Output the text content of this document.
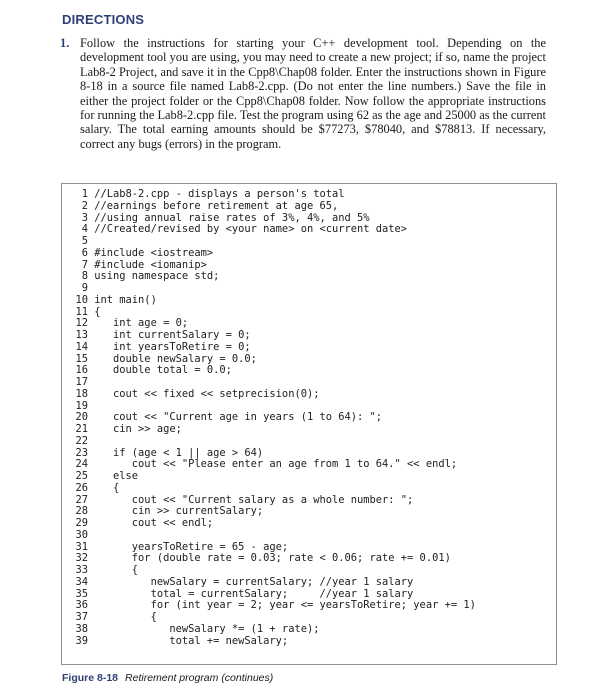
DIRECTIONS
1. Follow the instructions for starting your C++ development tool. Depending on the development tool you are using, you may need to create a new project; if so, name the project Lab8-2 Project, and save it in the Cpp8\Chap08 folder. Enter the instructions shown in Figure 8-18 in a source file named Lab8-2.cpp. (Do not enter the line numbers.) Save the file in either the project folder or the Cpp8\Chap08 folder. Now follow the appropriate instructions for running the Lab8-2.cpp file. Test the program using 62 as the age and 25000 as the current salary. The total earning amounts should be $77273, $78040, and $78813. If necessary, correct any bugs (errors) in the program.
1 //Lab8-2.cpp - displays a person's total
2 //earnings before retirement at age 65,
3 //using annual raise rates of 3%, 4%, and 5%
4 //Created/revised by <your name> on <current date>
5
6 #include <iostream>
7 #include <iomanip>
8 using namespace std;
9
10 int main()
11 {
12    int age = 0;
13    int currentSalary = 0;
14    int yearsToRetire = 0;
15    double newSalary = 0.0;
16    double total = 0.0;
17
18    cout << fixed << setprecision(0);
19
20    cout << "Current age in years (1 to 64): ";
21    cin >> age;
22
23    if (age < 1 || age > 64)
24       cout << "Please enter an age from 1 to 64." << endl;
25    else
26    {
27       cout << "Current salary as a whole number: ";
28       cin >> currentSalary;
29       cout << endl;
30
31       yearsToRetire = 65 - age;
32       for (double rate = 0.03; rate < 0.06; rate += 0.01)
33       {
34          newSalary = currentSalary; //year 1 salary
35          total = currentSalary;     //year 1 salary
36          for (int year = 2; year <= yearsToRetire; year += 1)
37          {
38             newSalary *= (1 + rate);
39             total += newSalary;
Figure 8-18 Retirement program (continues)
